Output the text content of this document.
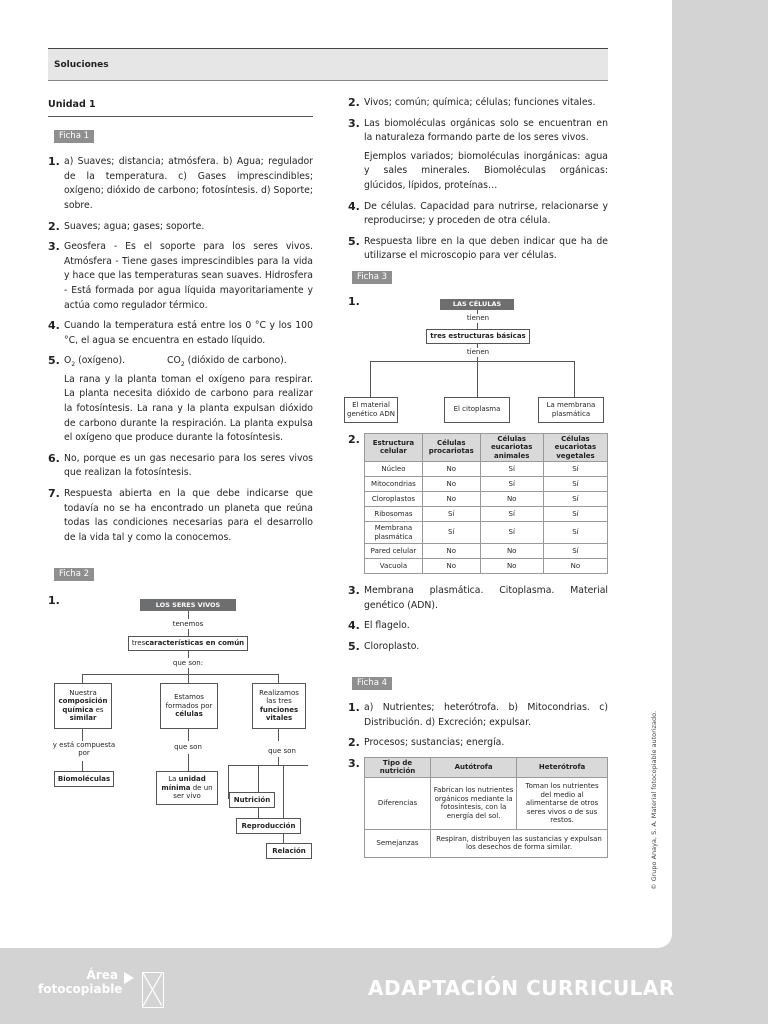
Soluciones
Unidad 1
Ficha 1
1. a) Suaves; distancia; atmósfera. b) Agua; regulador de la temperatura. c) Gases imprescindibles; oxígeno; dióxido de carbono; fotosíntesis. d) Soporte; sobre.
2. Suaves; agua; gases; soporte.
3. Geosfera - Es el soporte para los seres vivos. Atmósfera - Tiene gases imprescindibles para la vida y hace que las temperaturas sean suaves. Hidrosfera - Está formada por agua líquida mayoritariamente y actúa como regulador térmico.
4. Cuando la temperatura está entre los 0 °C y los 100 °C, el agua se encuentra en estado líquido.
5. $O_2$ (oxígeno).	$CO_2$ (dióxido de carbono).
La rana y la planta toman el oxígeno para respirar. La planta necesita dióxido de carbono para realizar la fotosíntesis. La rana y la planta expulsan dióxido de carbono durante la respiración. La planta expulsa el oxígeno que produce durante la fotosíntesis.
6. No, porque es un gas necesario para los seres vivos que realizan la fotosíntesis.
7. Respuesta abierta en la que debe indicarse que todavía no se ha encontrado un planeta que reúna todas las condiciones necesarias para el desarrollo de la vida tal y como la conocemos.
Ficha 2
1.	LOS SERES VIVOS
tenemos
tres características en común
que son:
Nuestra
composición química es
similar
Estamos formados por células
Realizamos las tres funciones vitales
y está compuesta por
que son	que son
Biomoléculas	La unidad mínima de un ser vivo	Nutrición
Reproducción
Relación
2. Vivos; común; química; células; funciones vitales.
3. Las biomoléculas orgánicas solo se encuentran en la naturaleza formando parte de los seres vivos.

Ejemplos variados; biomoléculas inorgánicas: agua y sales minerales. Biomoléculas orgánicas: glúcidos, lípidos, proteínas…

4. De células. Capacidad para nutrirse, relacionarse y reproducirse; y proceden de otra célula.
5. Respuesta libre en la que deben indicar que ha de utilizarse el microscopio para ver células.
Ficha 3
1.	LAS CÉLULAS
tienen
tres estructuras básicas
tienen
El material genético ADN
El citoplasma
La membrana plasmática
2.	Estructura celular	Células procariotas	Células eucariotas animales	Células eucariotas vegetales
Núcleo	No	Sí	Sí
Mitocondrias	No	Sí	Sí
Cloroplastos	No	No	Sí
Ribosomas	Sí	Sí	Sí
Membrana plasmática	Sí	Sí	Sí
Pared celular	No	No	Sí
Vacuola	No	No	No
3. Membrana plasmática. Citoplasma. Material genético (ADN).
4. El flagelo.
5. Cloroplasto.
Ficha 4
1. a) Nutrientes; heterótrofa. b) Mitocondrias. c) Distribución. d) Excreción; expulsar.
2. Procesos; sustancias; energía.
3.	Tipo de nutrición	Autótrofa	Heterótrofa
Diferencias	Fabrican los nutrientes orgánicos mediante la fotosíntesis, con la energía del sol.	Toman los nutrientes del medio al alimentarse de otros seres vivos o de sus restos.
Semejanzas	Respiran, distribuyen las sustancias y expulsan los desechos de forma similar.		© Grupo Anaya, S. A. Material fotocopiable autorizado.
Área
fotocopiable	ADAPTACIÓN CURRICULAR
